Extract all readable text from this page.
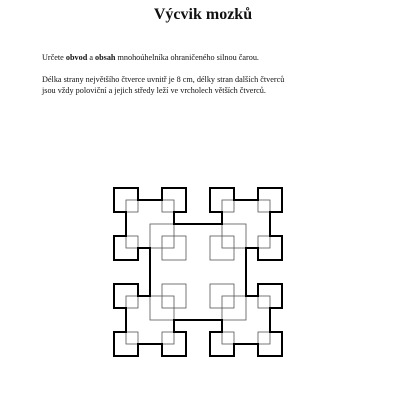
Výcvik mozků

Určete obvod a obsah mnohoúhelníka ohraničeného silnou čarou.

Délka strany největšího čtverce uvnitř je 8 cm, délky stran dalších čtverců
jsou vždy poloviční a jejich středy leží ve vrcholech větších čtverců.
